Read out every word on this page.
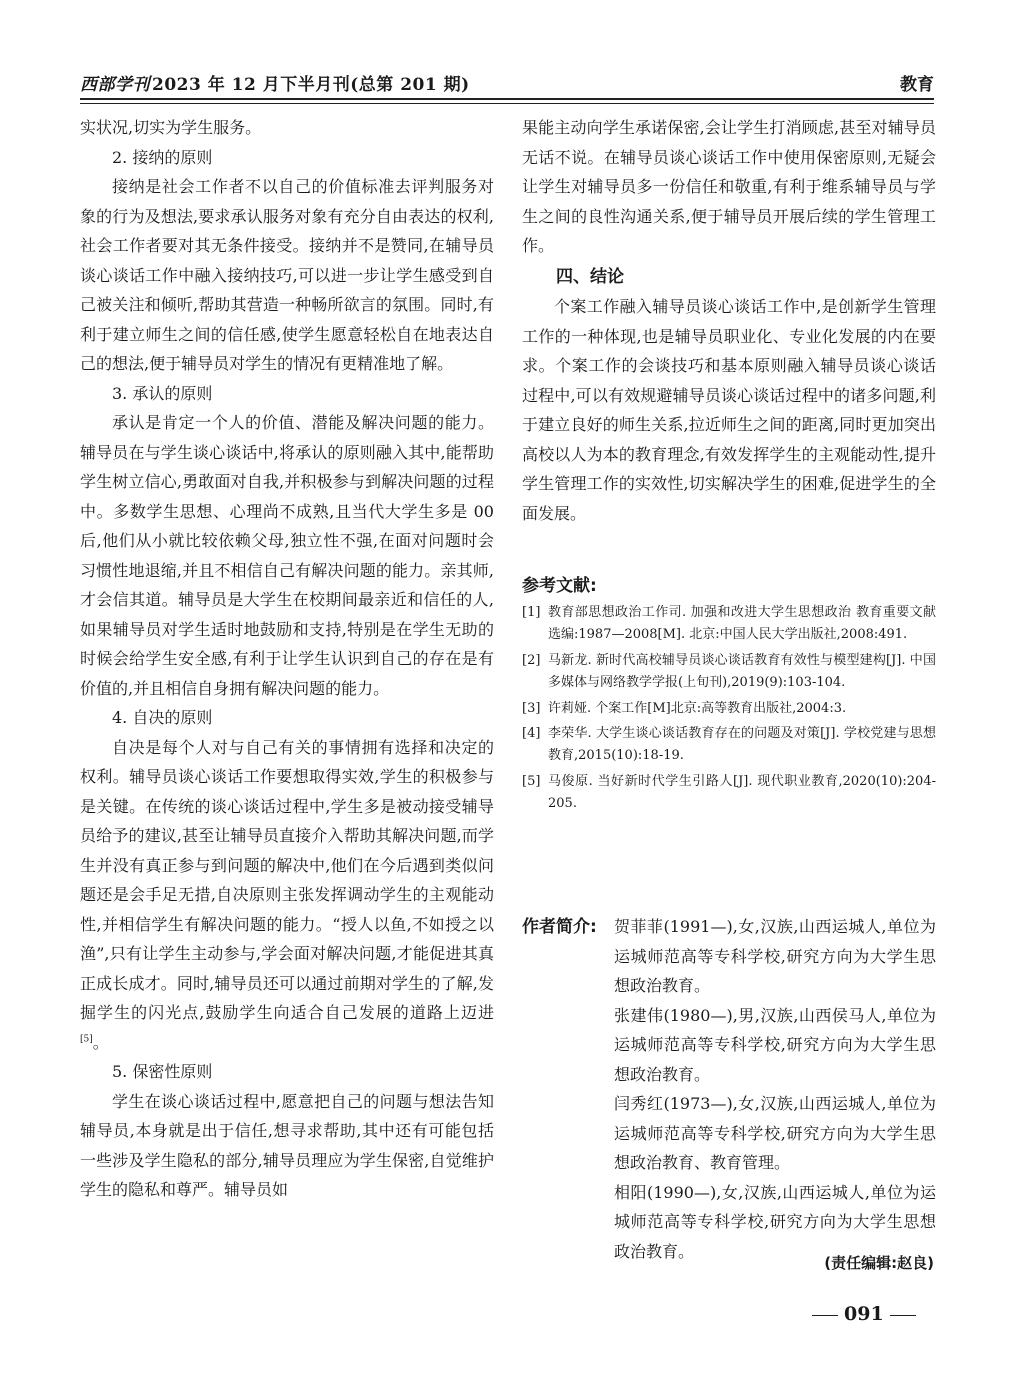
西部学刊 2023 年 12 月下半月刊(总第 201 期)	教育
实状况,切实为学生服务。
2. 接纳的原则
接纳是社会工作者不以自己的价值标准去评判服务对象的行为及想法,要求承认服务对象有充分自由表达的权利,社会工作者要对其无条件接受。接纳并不是赞同,在辅导员谈心谈话工作中融入接纳技巧,可以进一步让学生感受到自己被关注和倾听,帮助其营造一种畅所欲言的氛围。同时,有利于建立师生之间的信任感,使学生愿意轻松自在地表达自己的想法,便于辅导员对学生的情况有更精准地了解。
3. 承认的原则
承认是肯定一个人的价值、潜能及解决问题的能力。辅导员在与学生谈心谈话中,将承认的原则融入其中,能帮助学生树立信心,勇敢面对自我,并积极参与到解决问题的过程中。多数学生思想、心理尚不成熟,且当代大学生多是 00 后,他们从小就比较依赖父母,独立性不强,在面对问题时会习惯性地退缩,并且不相信自己有解决问题的能力。亲其师,才会信其道。辅导员是大学生在校期间最亲近和信任的人,如果辅导员对学生适时地鼓励和支持,特别是在学生无助的时候会给学生安全感,有利于让学生认识到自己的存在是有价值的,并且相信自身拥有解决问题的能力。
4. 自决的原则
自决是每个人对与自己有关的事情拥有选择和决定的权利。辅导员谈心谈话工作要想取得实效,学生的积极参与是关键。在传统的谈心谈话过程中,学生多是被动接受辅导员给予的建议,甚至让辅导员直接介入帮助其解决问题,而学生并没有真正参与到问题的解决中,他们在今后遇到类似问题还是会手足无措,自决原则主张发挥调动学生的主观能动性,并相信学生有解决问题的能力。“授人以鱼,不如授之以渔”,只有让学生主动参与,学会面对解决问题,才能促进其真正成长成才。同时,辅导员还可以通过前期对学生的了解,发掘学生的闪光点,鼓励学生向适合自己发展的道路上迈进[5]。
5. 保密性原则
学生在谈心谈话过程中,愿意把自己的问题与想法告知辅导员,本身就是出于信任,想寻求帮助,其中还有可能包括一些涉及学生隐私的部分,辅导员理应为学生保密,自觉维护学生的隐私和尊严。辅导员如
果能主动向学生承诺保密,会让学生打消顾虑,甚至对辅导员无话不说。在辅导员谈心谈话工作中使用保密原则,无疑会让学生对辅导员多一份信任和敬重,有利于维系辅导员与学生之间的良性沟通关系,便于辅导员开展后续的学生管理工作。
四、结论
个案工作融入辅导员谈心谈话工作中,是创新学生管理工作的一种体现,也是辅导员职业化、专业化发展的内在要求。个案工作的会谈技巧和基本原则融入辅导员谈心谈话过程中,可以有效规避辅导员谈心谈话过程中的诸多问题,利于建立良好的师生关系,拉近师生之间的距离,同时更加突出高校以人为本的教育理念,有效发挥学生的主观能动性,提升学生管理工作的实效性,切实解决学生的困难,促进学生的全面发展。
参考文献:
[1] 教育部思想政治工作司. 加强和改进大学生思想政治 教育重要文献选编:1987—2008[M]. 北京:中国人民大学出版社,2008:491.
[2] 马新龙. 新时代高校辅导员谈心谈话教育有效性与模型建构[J]. 中国多媒体与网络教学学报(上旬刊),2019(9):103-104.
[3] 许莉娅. 个案工作[M]北京:高等教育出版社,2004:3.
[4] 李荣华. 大学生谈心谈话教育存在的问题及对策[J]. 学校党建与思想教育,2015(10):18-19.
[5] 马俊原. 当好新时代学生引路人[J]. 现代职业教育,2020(10):204-205.
作者简介: 贺菲菲(1991—),女,汉族,山西运城人,单位为运城师范高等专科学校,研究方向为大学生思想政治教育。
张建伟(1980—),男,汉族,山西侯马人,单位为运城师范高等专科学校,研究方向为大学生思想政治教育。
闫秀红(1973—),女,汉族,山西运城人,单位为运城师范高等专科学校,研究方向为大学生思想政治教育、教育管理。
相阳(1990—),女,汉族,山西运城人,单位为运城师范高等专科学校,研究方向为大学生思想政治教育。
(责任编辑:赵良)
091
